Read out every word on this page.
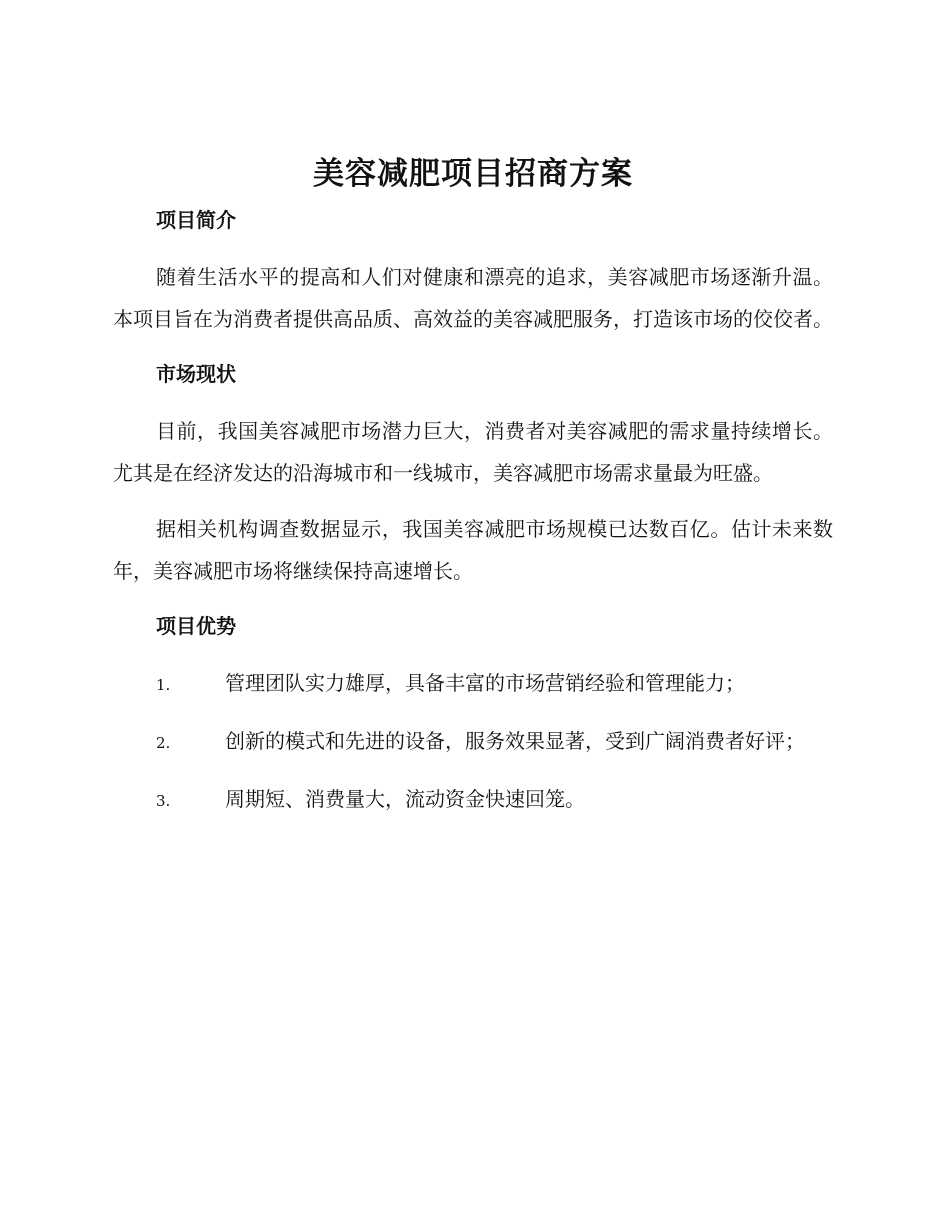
美容减肥项目招商方案
项目简介

随着生活水平的提高和人们对健康和漂亮的追求，美容减肥市场逐渐升温。本项目旨在为消费者提供高品质、高效益的美容减肥服务，打造该市场的佼佼者。

市场现状

目前，我国美容减肥市场潜力巨大，消费者对美容减肥的需求量持续增长。尤其是在经济发达的沿海城市和一线城市，美容减肥市场需求量最为旺盛。

据相关机构调查数据显示，我国美容减肥市场规模已达数百亿。估计未来数年，美容减肥市场将继续保持高速增长。

项目优势

1.	管理团队实力雄厚，具备丰富的市场营销经验和管理能力；

2.	创新的模式和先进的设备，服务效果显著，受到广阔消费者好评；

3.	周期短、消费量大，流动资金快速回笼。
